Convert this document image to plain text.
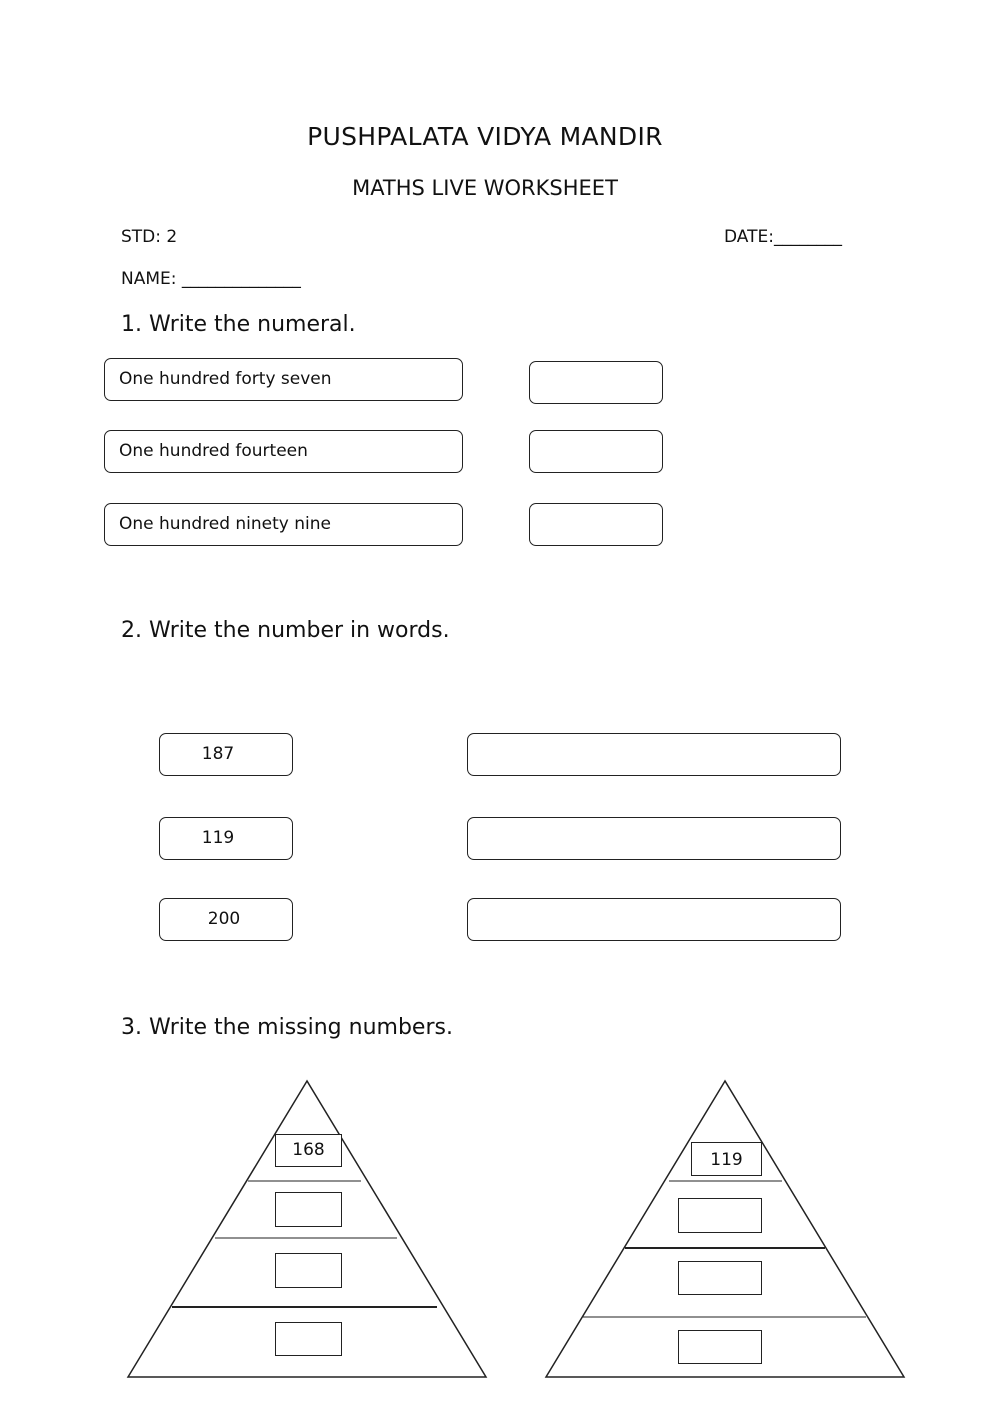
PUSHPALATA VIDYA MANDIR
MATHS LIVE WORKSHEET
STD: 2	DATE:________
NAME: ______________
1. Write the numeral.
One hundred forty seven
One hundred fourteen
One hundred ninety nine
2. Write the number in words.
187
119
200
3. Write the missing numbers.
168	119
